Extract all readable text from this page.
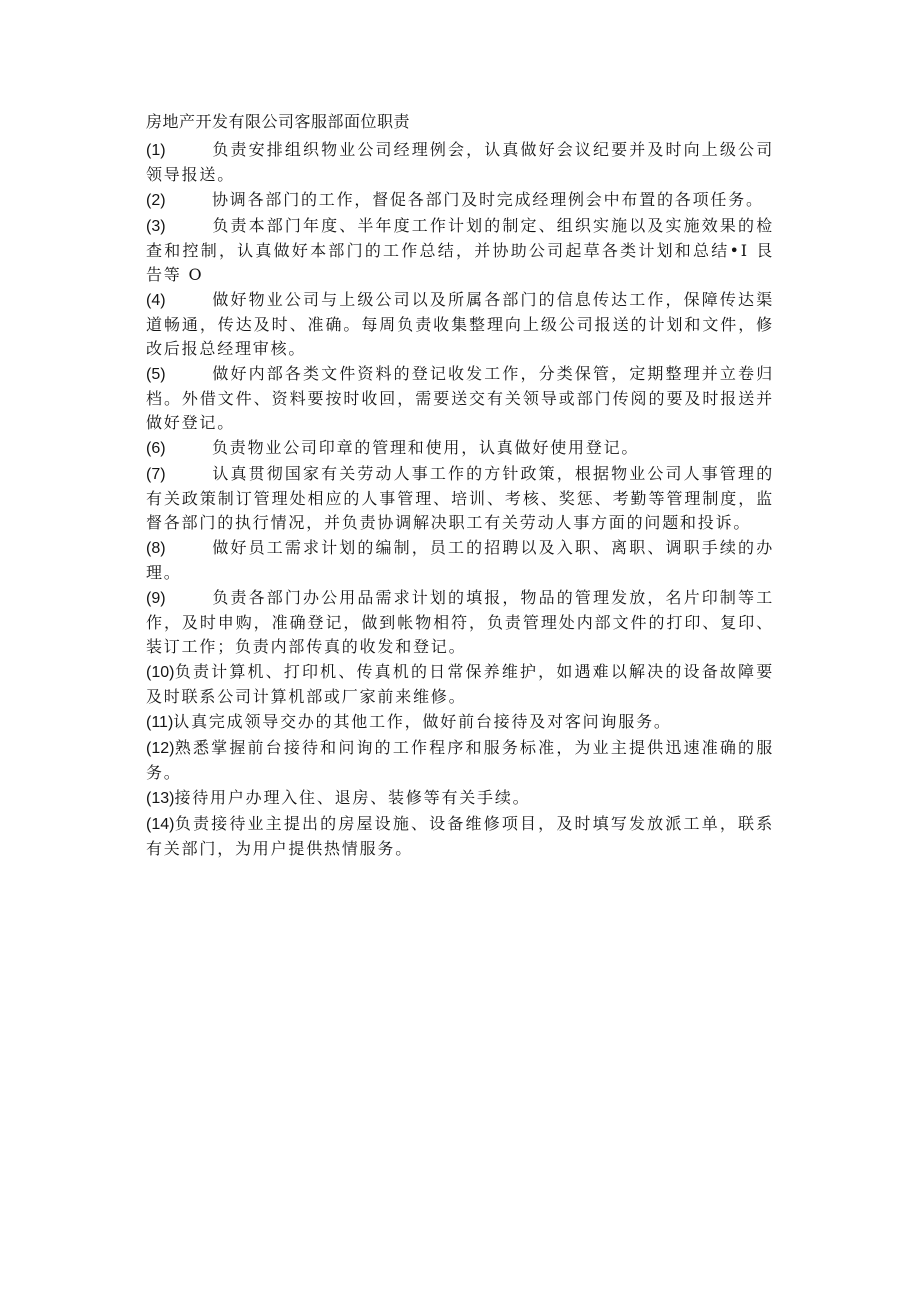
房地产开发有限公司客服部面位职责
(1)	负责安排组织物业公司经理例会，认真做好会议纪要并及时向上级公司领导报送。
(2)	协调各部门的工作，督促各部门及时完成经理例会中布置的各项任务。
(3)	负责本部门年度、半年度工作计划的制定、组织实施以及实施效果的检查和控制，认真做好本部门的工作总结，并协助公司起草各类计划和总结•I 艮告等 O
(4)	做好物业公司与上级公司以及所属各部门的信息传达工作，保障传达渠道畅通，传达及时、准确。每周负责收集整理向上级公司报送的计划和文件，修改后报总经理审核。
(5)	做好内部各类文件资料的登记收发工作，分类保管，定期整理并立卷归档。外借文件、资料要按时收回，需要送交有关领导或部门传阅的要及时报送并做好登记。
(6)	负责物业公司印章的管理和使用，认真做好使用登记。
(7)	认真贯彻国家有关劳动人事工作的方针政策，根据物业公司人事管理的有关政策制订管理处相应的人事管理、培训、考核、奖惩、考勤等管理制度，监督各部门的执行情况，并负责协调解决职工有关劳动人事方面的问题和投诉。
(8)	做好员工需求计划的编制，员工的招聘以及入职、离职、调职手续的办理。
(9)	负责各部门办公用品需求计划的填报，物品的管理发放，名片印制等工作，及时申购，准确登记，做到帐物相符，负责管理处内部文件的打印、复印、装订工作；负责内部传真的收发和登记。
(10)负责计算机、打印机、传真机的日常保养维护，如遇难以解决的设备故障要及时联系公司计算机部或厂家前来维修。
(11)认真完成领导交办的其他工作，做好前台接待及对客问询服务。
(12)熟悉掌握前台接待和问询的工作程序和服务标准，为业主提供迅速准确的服务。
(13)接待用户办理入住、退房、装修等有关手续。
(14)负责接待业主提出的房屋设施、设备维修项目，及时填写发放派工单，联系有关部门，为用户提供热情服务。
